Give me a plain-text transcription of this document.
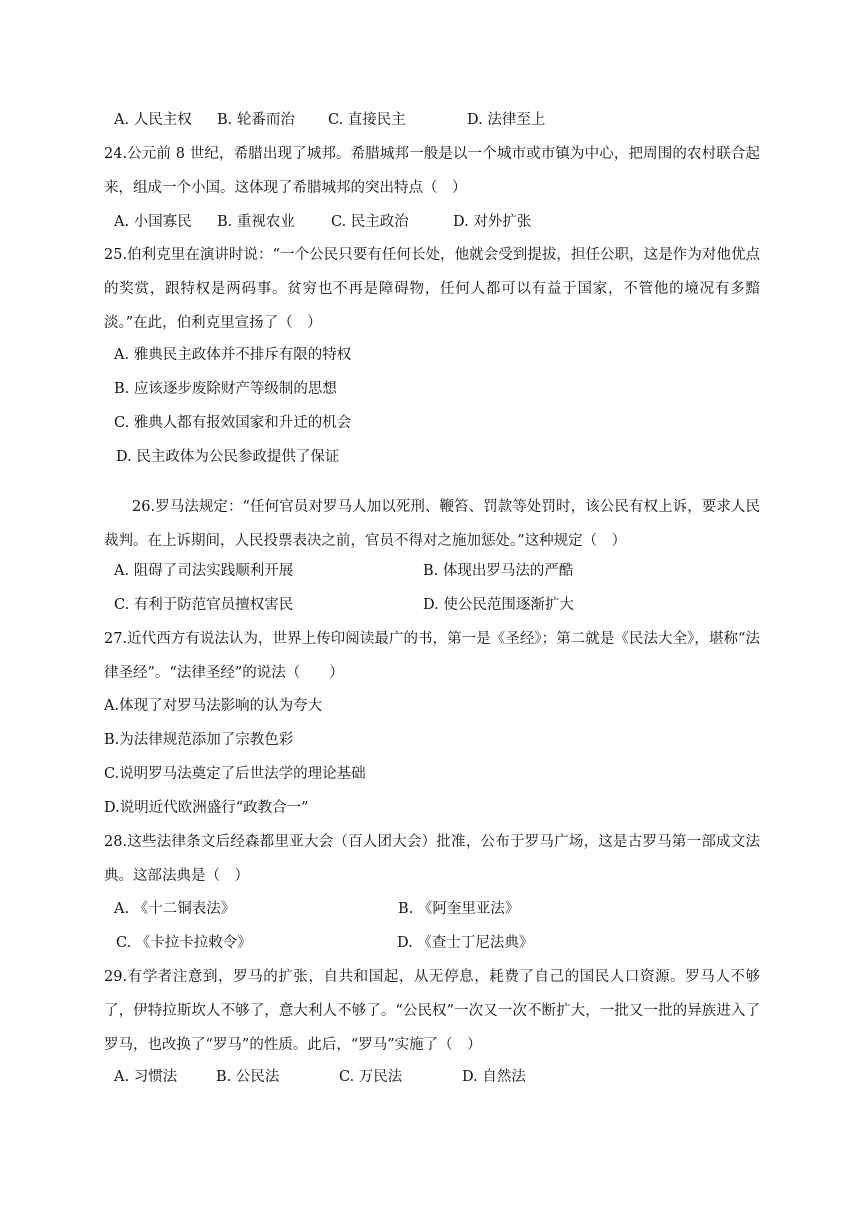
A. 人民主权 B. 轮番而治 C. 直接民主	D. 法律至上
24.公元前 8 世纪，希腊出现了城邦。希腊城邦一般是以一个城市或市镇为中心，把周围的农村联合起来，组成一个小国。这体现了希腊城邦的突出特点（　）
A. 小国寡民 B. 重视农业 C. 民主政治	D. 对外扩张
25.伯利克里在演讲时说：“一个公民只要有任何长处，他就会受到提拔，担任公职，这是作为对他优点的奖赏，跟特权是两码事。贫穷也不再是障碍物，任何人都可以有益于国家，不管他的境况有多黯淡。”在此，伯利克里宣扬了（　）
A. 雅典民主政体并不排斥有限的特权
B. 应该逐步废除财产等级制的思想
C. 雅典人都有报效国家和升迁的机会
D. 民主政体为公民参政提供了保证
26.罗马法规定：“任何官员对罗马人加以死刑、鞭笞、罚款等处罚时，该公民有权上诉，要求人民裁判。在上诉期间，人民投票表决之前，官员不得对之施加惩处。”这种规定（　）
A. 阻碍了司法实践顺利开展	B. 体现出罗马法的严酷
C. 有利于防范官员擅权害民	D. 使公民范围逐渐扩大
27.近代西方有说法认为，世界上传印阅读最广的书，第一是《圣经》；第二就是《民法大全》，堪称“法律圣经”。“法律圣经”的说法（　　）
A.体现了对罗马法影响的认为夸大
B.为法律规范添加了宗教色彩
C.说明罗马法奠定了后世法学的理论基础
D.说明近代欧洲盛行“政教合一”
28.这些法律条文后经森都里亚大会（百人团大会）批准，公布于罗马广场，这是古罗马第一部成文法典。这部法典是（　）
A. 《十二铜表法》	B. 《阿奎里亚法》
C. 《卡拉卡拉敕令》	D. 《查士丁尼法典》
29.有学者注意到，罗马的扩张，自共和国起，从无停息，耗费了自己的国民人口资源。罗马人不够了，伊特拉斯坎人不够了，意大利人不够了。“公民权”一次又一次不断扩大，一批又一批的异族进入了罗马，也改换了“罗马”的性质。此后，“罗马”实施了（　）
A. 习惯法	B. 公民法	C. 万民法	D. 自然法
